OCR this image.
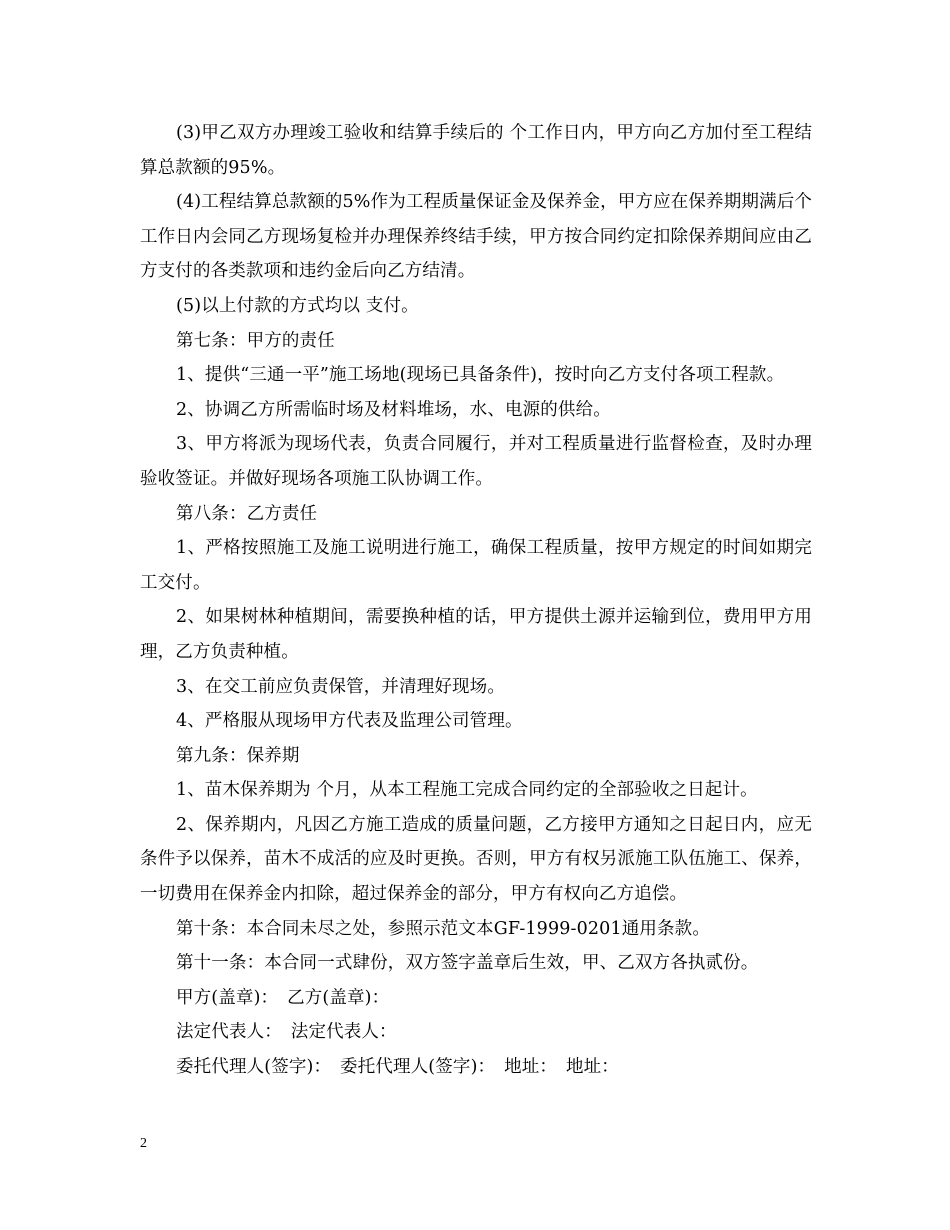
(3)甲乙双方办理竣工验收和结算手续后的 个工作日内，甲方向乙方加付至工程结算总款额的95%。

(4)工程结算总款额的5%作为工程质量保证金及保养金，甲方应在保养期期满后个工作日内会同乙方现场复检并办理保养终结手续，甲方按合同约定扣除保养期间应由乙方支付的各类款项和违约金后向乙方结清。

(5)以上付款的方式均以 支付。

第七条：甲方的责任

1、提供“三通一平”施工场地(现场已具备条件)，按时向乙方支付各项工程款。

2、协调乙方所需临时场及材料堆场，水、电源的供给。

3、甲方将派为现场代表，负责合同履行，并对工程质量进行监督检查，及时办理验收签证。并做好现场各项施工队协调工作。

第八条：乙方责任

1、严格按照施工及施工说明进行施工，确保工程质量，按甲方规定的时间如期完工交付。

2、如果树林种植期间，需要换种植的话，甲方提供土源并运输到位，费用甲方用理，乙方负责种植。

3、在交工前应负责保管，并清理好现场。

4、严格服从现场甲方代表及监理公司管理。

第九条：保养期

1、苗木保养期为 个月，从本工程施工完成合同约定的全部验收之日起计。

2、保养期内，凡因乙方施工造成的质量问题，乙方接甲方通知之日起日内，应无条件予以保养，苗木不成活的应及时更换。否则，甲方有权另派施工队伍施工、保养，一切费用在保养金内扣除，超过保养金的部分，甲方有权向乙方追偿。

第十条：本合同未尽之处，参照示范文本GF-1999-0201通用条款。

第十一条：本合同一式肆份，双方签字盖章后生效，甲、乙双方各执贰份。

甲方(盖章)：　乙方(盖章)：

法定代表人：　法定代表人：

委托代理人(签字)：　委托代理人(签字)：　地址：　地址：

2
